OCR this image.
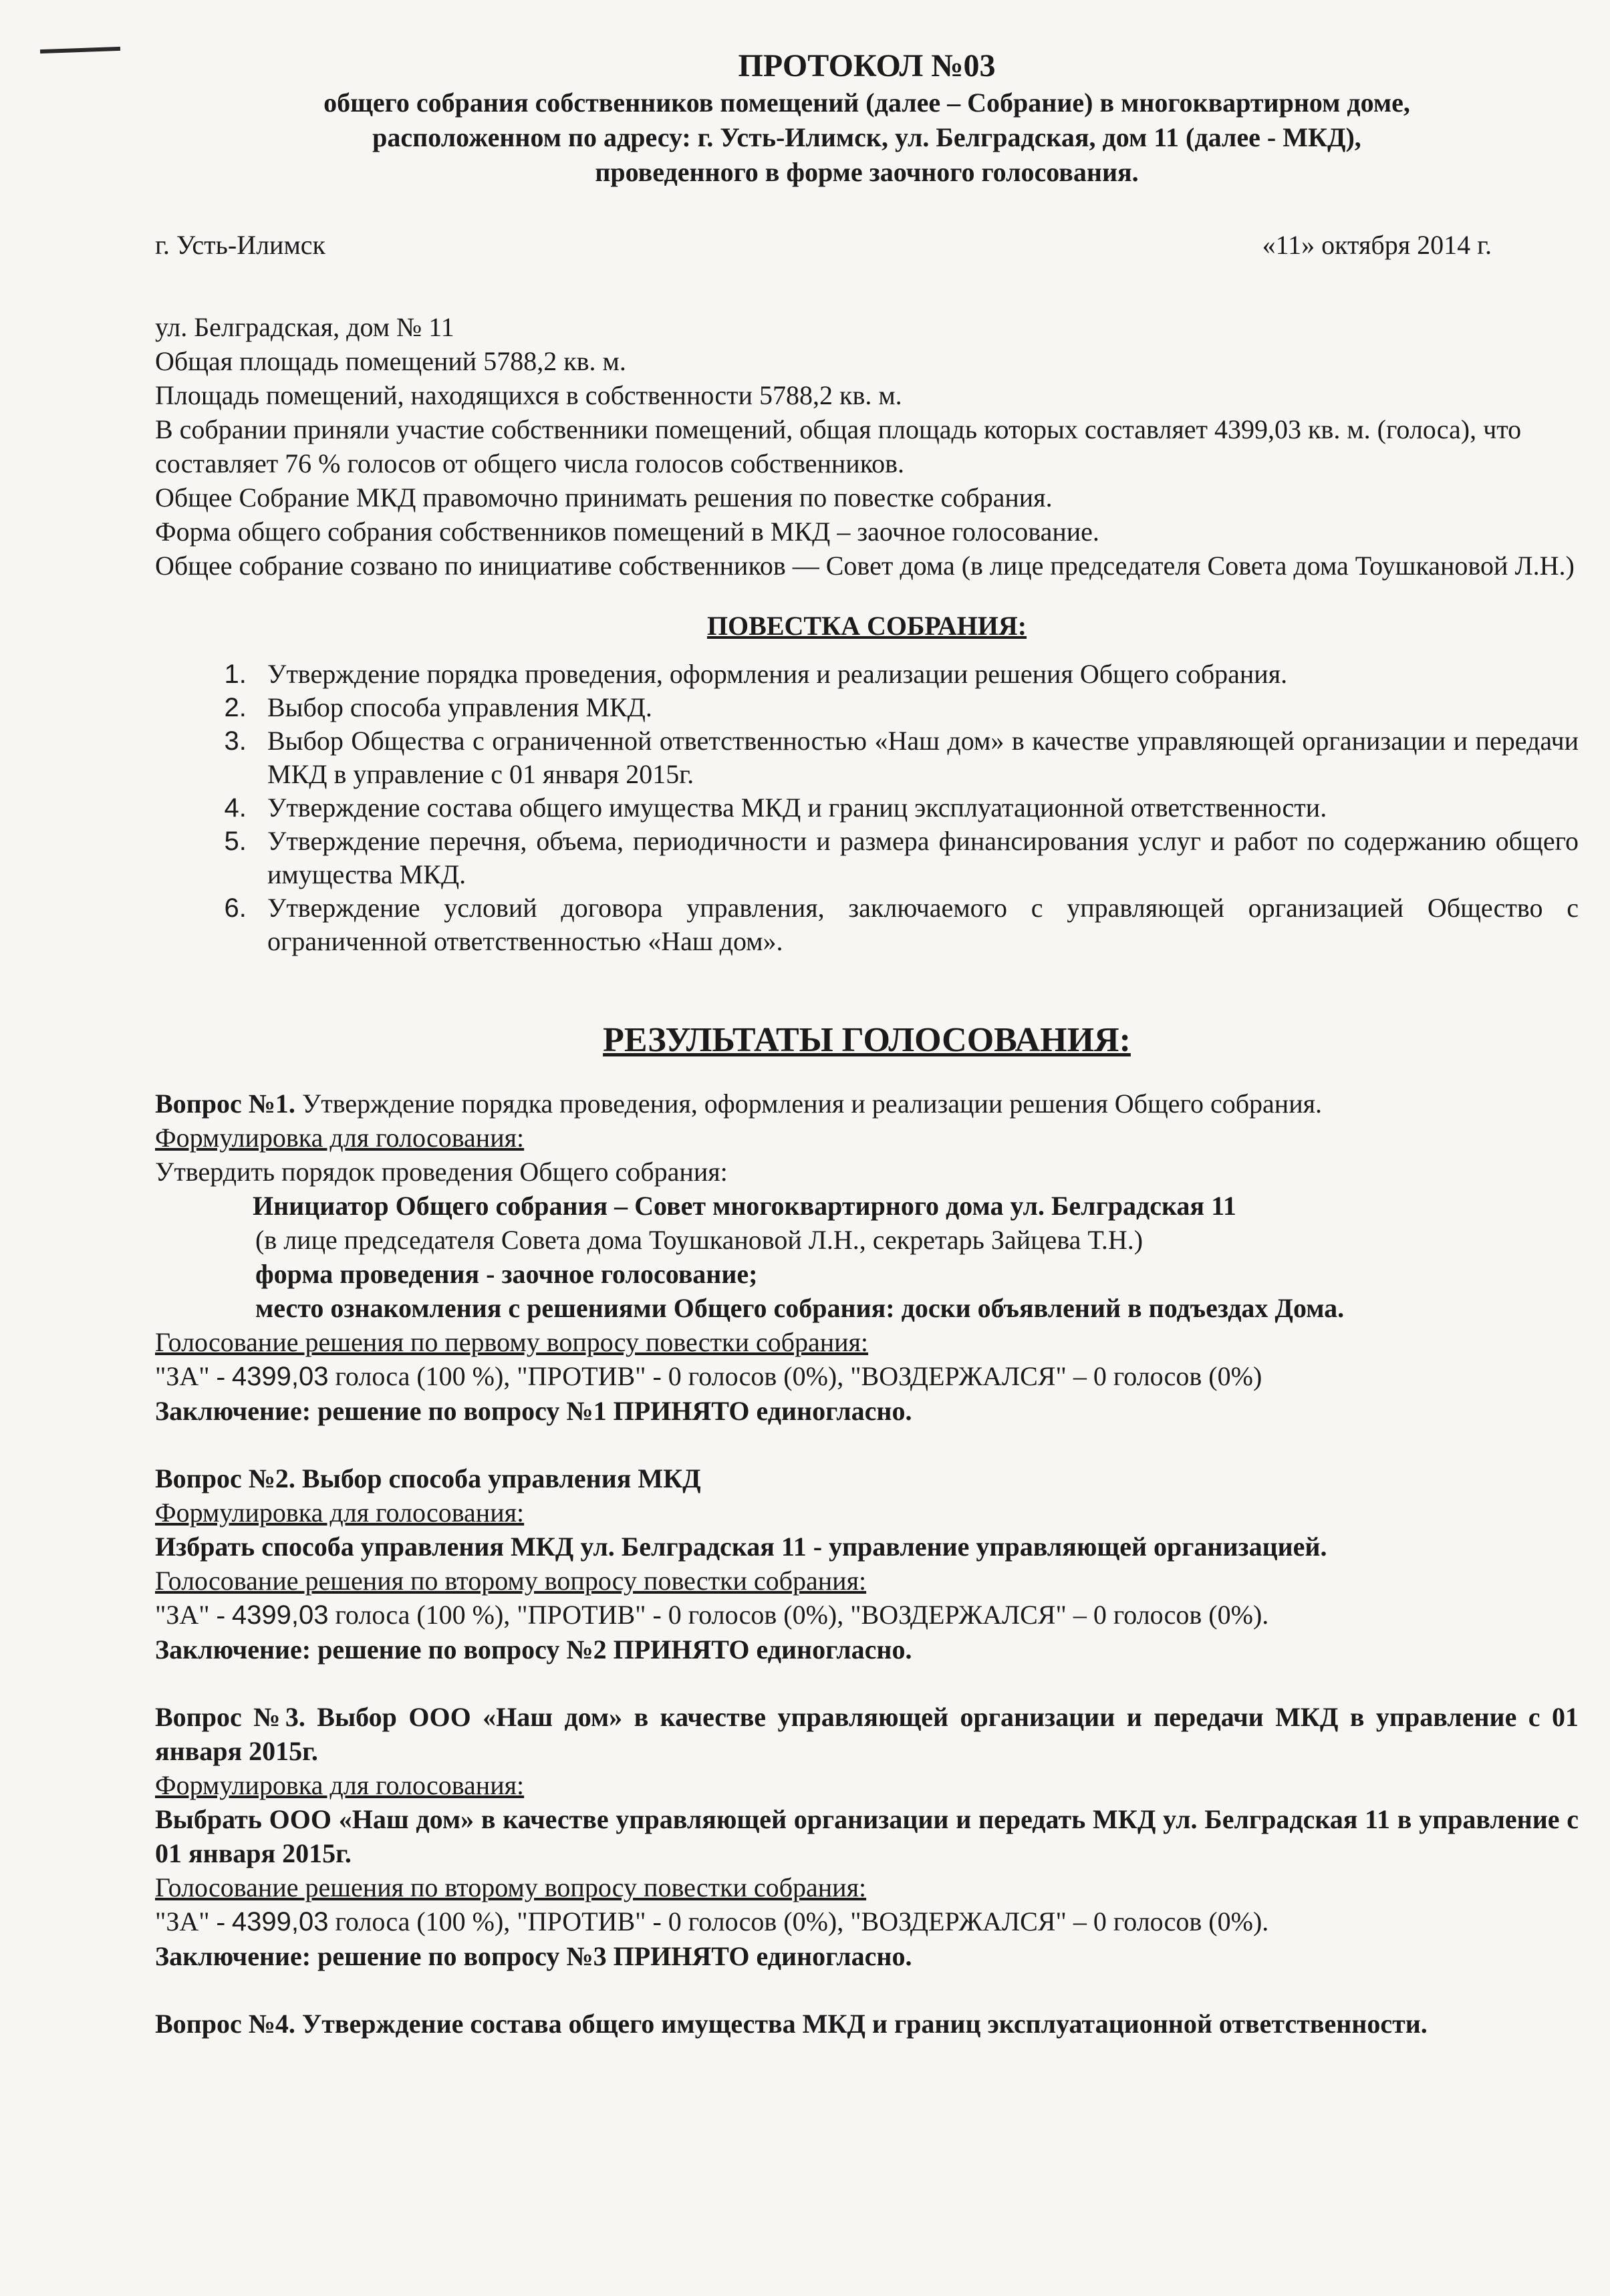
ПРОТОКОЛ №03

общего собрания собственников помещений (далее – Собрание) в многоквартирном доме,

расположенном по адресу: г. Усть-Илимск, ул. Белградская, дом 11 (далее - МКД),

проведенного в форме заочного голосования.

г. Усть-Илимск	«11» октября 2014 г.

ул. Белградская, дом № 11

Общая площадь помещений 5788,2 кв. м.

Площадь помещений, находящихся в собственности 5788,2 кв. м.

В собрании приняли участие собственники помещений, общая площадь которых составляет 4399,03 кв. м. (голоса), что составляет 76 % голосов от общего числа голосов собственников.

Общее Собрание МКД правомочно принимать решения по повестке собрания.

Форма общего собрания собственников помещений в МКД – заочное голосование.

Общее собрание созвано по инициативе собственников — Совет дома (в лице председателя Совета дома Тоушкановой Л.Н.)

ПОВЕСТКА СОБРАНИЯ:
1. Утверждение порядка проведения, оформления и реализации решения Общего собрания.
2. Выбор способа управления МКД.
3. Выбор Общества с ограниченной ответственностью «Наш дом» в качестве управляющей организации и передачи МКД в управление с 01 января 2015г.
4. Утверждение состава общего имущества МКД и границ эксплуатационной ответственности.
5. Утверждение перечня, объема, периодичности и размера финансирования услуг и работ по содержанию общего имущества МКД.
6. Утверждение условий договора управления, заключаемого с управляющей организацией Общество с ограниченной ответственностью «Наш дом».
РЕЗУЛЬТАТЫ ГОЛОСОВАНИЯ:

Вопрос №1. Утверждение порядка проведения, оформления и реализации решения Общего собрания.

Формулировка для голосования:

Утвердить порядок проведения Общего собрания:

Инициатор Общего собрания – Совет многоквартирного дома ул. Белградская 11

(в лице председателя Совета дома Тоушкановой Л.Н., секретарь Зайцева Т.Н.)

форма проведения - заочное голосование;

место ознакомления с решениями Общего собрания: доски объявлений в подъездах Дома.

Голосование решения по первому вопросу повестки собрания:

"ЗА" - 4399,03 голоса (100 %), "ПРОТИВ" - 0 голосов (0%), "ВОЗДЕРЖАЛСЯ" – 0 голосов (0%)

Заключение: решение по вопросу №1 ПРИНЯТО единогласно.

Вопрос №2. Выбор способа управления МКД

Формулировка для голосования:

Избрать способа управления МКД ул. Белградская 11 - управление управляющей организацией.

Голосование решения по второму вопросу повестки собрания:

"ЗА" - 4399,03 голоса (100 %), "ПРОТИВ" - 0 голосов (0%), "ВОЗДЕРЖАЛСЯ" – 0 голосов (0%).

Заключение: решение по вопросу №2 ПРИНЯТО единогласно.

Вопрос №3. Выбор ООО «Наш дом» в качестве управляющей организации и передачи МКД в управление с 01 января 2015г.

Формулировка для голосования:

Выбрать ООО «Наш дом» в качестве управляющей организации и передать МКД ул. Белградская 11 в управление с 01 января 2015г.

Голосование решения по второму вопросу повестки собрания:

"ЗА" - 4399,03 голоса (100 %), "ПРОТИВ" - 0 голосов (0%), "ВОЗДЕРЖАЛСЯ" – 0 голосов (0%).

Заключение: решение по вопросу №3 ПРИНЯТО единогласно.

Вопрос №4. Утверждение состава общего имущества МКД и границ эксплуатационной ответственности.
